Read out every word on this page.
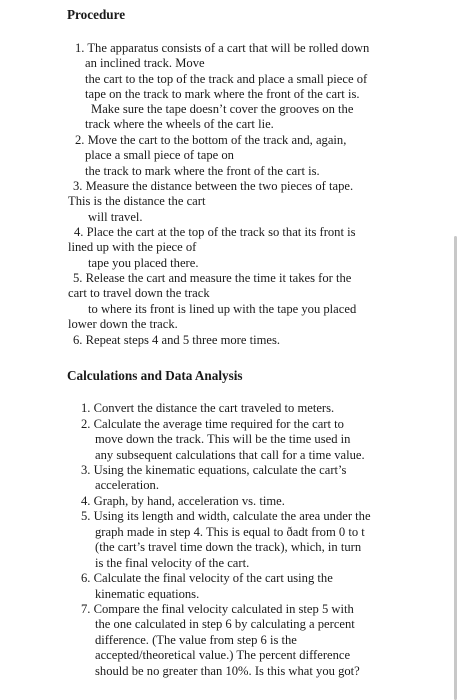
Procedure
1. The apparatus consists of a cart that will be rolled down
an inclined track. Move
the cart to the top of the track and place a small piece of
tape on the track to mark where the front of the cart is.
Make sure the tape doesn’t cover the grooves on the
track where the wheels of the cart lie.
2. Move the cart to the bottom of the track and, again,
place a small piece of tape on
the track to mark where the front of the cart is.
3. Measure the distance between the two pieces of tape.
This is the distance the cart
will travel.
4. Place the cart at the top of the track so that its front is
lined up with the piece of
tape you placed there.
5. Release the cart and measure the time it takes for the
cart to travel down the track
to where its front is lined up with the tape you placed
lower down the track.
6. Repeat steps 4 and 5 three more times.
Calculations and Data Analysis
1. Convert the distance the cart traveled to meters.
2. Calculate the average time required for the cart to
move down the track. This will be the time used in
any subsequent calculations that call for a time value.
3. Using the kinematic equations, calculate the cart’s
acceleration.
4. Graph, by hand, acceleration vs. time.
5. Using its length and width, calculate the area under the
graph made in step 4. This is equal to ðadt from 0 to t
(the cart’s travel time down the track), which, in turn
is the final velocity of the cart.
6. Calculate the final velocity of the cart using the
kinematic equations.
7. Compare the final velocity calculated in step 5 with
the one calculated in step 6 by calculating a percent
difference. (The value from step 6 is the
accepted/theoretical value.) The percent difference
should be no greater than 10%. Is this what you got?
